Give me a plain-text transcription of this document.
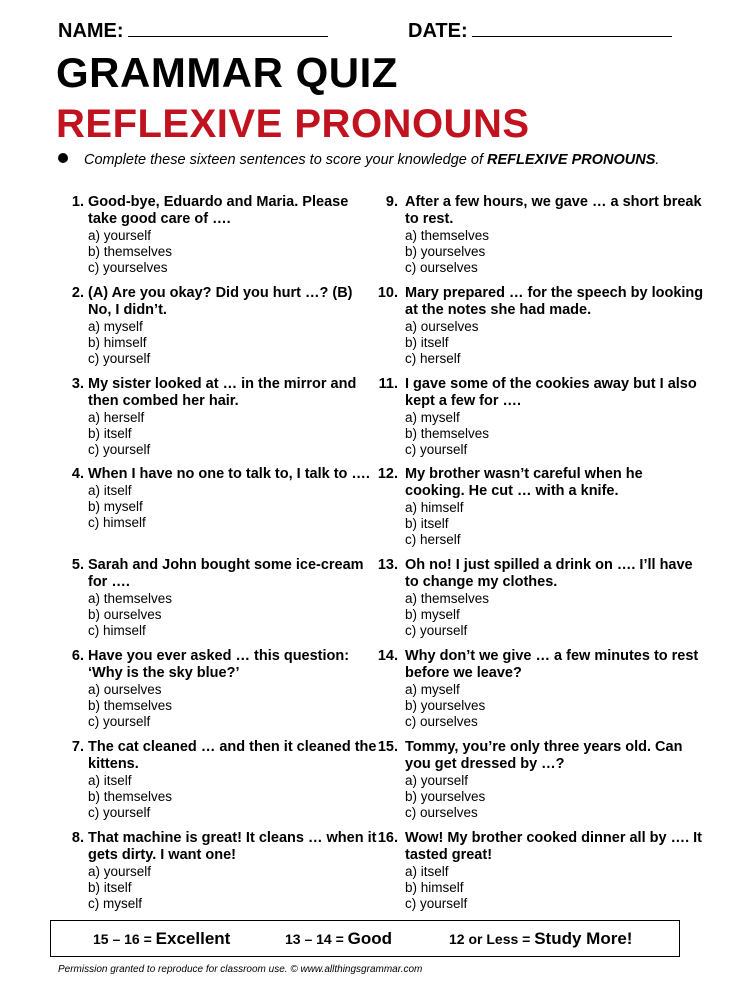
NAME:	DATE:
GRAMMAR QUIZ
REFLEXIVE PRONOUNS
Complete these sixteen sentences to score your knowledge of REFLEXIVE PRONOUNS.
1. Good-bye, Eduardo and Maria. Please take good care of ….
a) yourself
b) themselves
c) yourselves
2. (A) Are you okay? Did you hurt …? (B) No, I didn’t.
a) myself
b) himself
c) yourself
3. My sister looked at … in the mirror and then combed her hair.
a) herself
b) itself
c) yourself
4. When I have no one to talk to, I talk to ….
a) itself
b) myself
c) himself
5. Sarah and John bought some ice-cream for ….
a) themselves
b) ourselves
c) himself
6. Have you ever asked … this question: ‘Why is the sky blue?’
a) ourselves
b) themselves
c) yourself
7. The cat cleaned … and then it cleaned the kittens.
a) itself
b) themselves
c) yourself
8. That machine is great! It cleans … when it gets dirty. I want one!
a) yourself
b) itself
c) myself
9. After a few hours, we gave … a short break to rest.
a) themselves
b) yourselves
c) ourselves
10. Mary prepared … for the speech by looking at the notes she had made.
a) ourselves
b) itself
c) herself
11. I gave some of the cookies away but I also kept a few for ….
a) myself
b) themselves
c) yourself
12. My brother wasn’t careful when he cooking. He cut … with a knife.
a) himself
b) itself
c) herself
13. Oh no! I just spilled a drink on …. I’ll have to change my clothes.
a) themselves
b) myself
c) yourself
14. Why don’t we give … a few minutes to rest before we leave?
a) myself
b) yourselves
c) ourselves
15. Tommy, you’re only three years old. Can you get dressed by …?
a) yourself
b) yourselves
c) ourselves
16. Wow! My brother cooked dinner all by …. It tasted great!
a) itself
b) himself
c) yourself
15 – 16 = Excellent	13 – 14 = Good	12 or Less = Study More!
Permission granted to reproduce for classroom use. © www.allthingsgrammar.com
